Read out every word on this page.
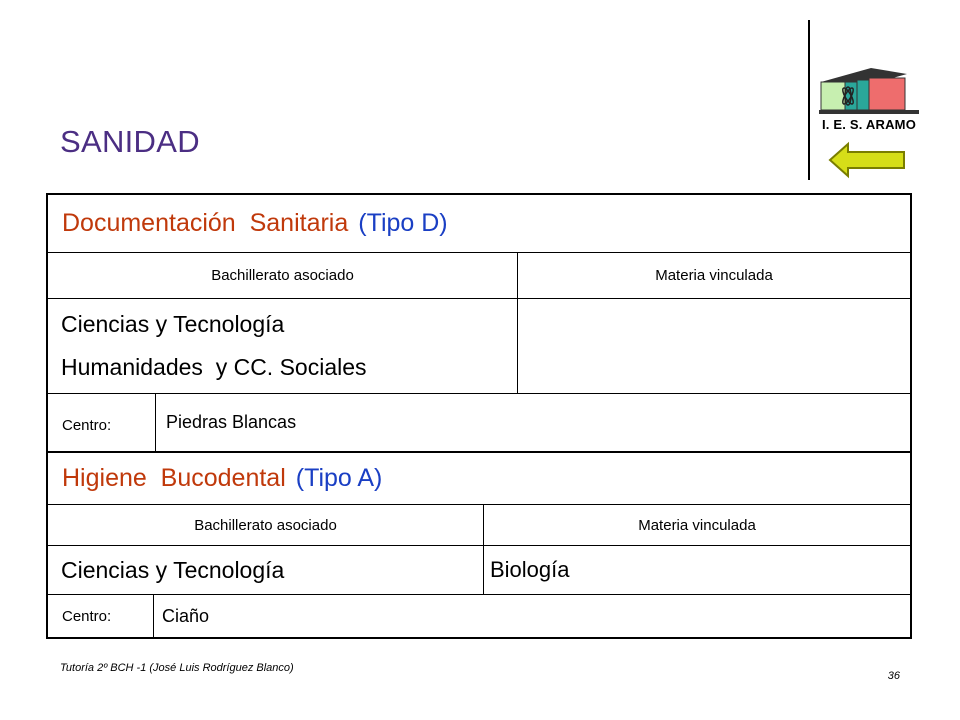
SANIDAD	I. E. S. ARAMO
Documentación  Sanitaria (Tipo D)
Bachillerato asociado	Materia vinculada
Ciencias y Tecnología
Humanidades  y CC. Sociales
Centro:	Piedras Blancas
Higiene  Bucodental (Tipo A)
Bachillerato asociado	Materia vinculada
Ciencias y Tecnología	Biología
Centro:	Ciaño
Tutoría 2º BCH -1 (José Luis Rodríguez Blanco)
36
